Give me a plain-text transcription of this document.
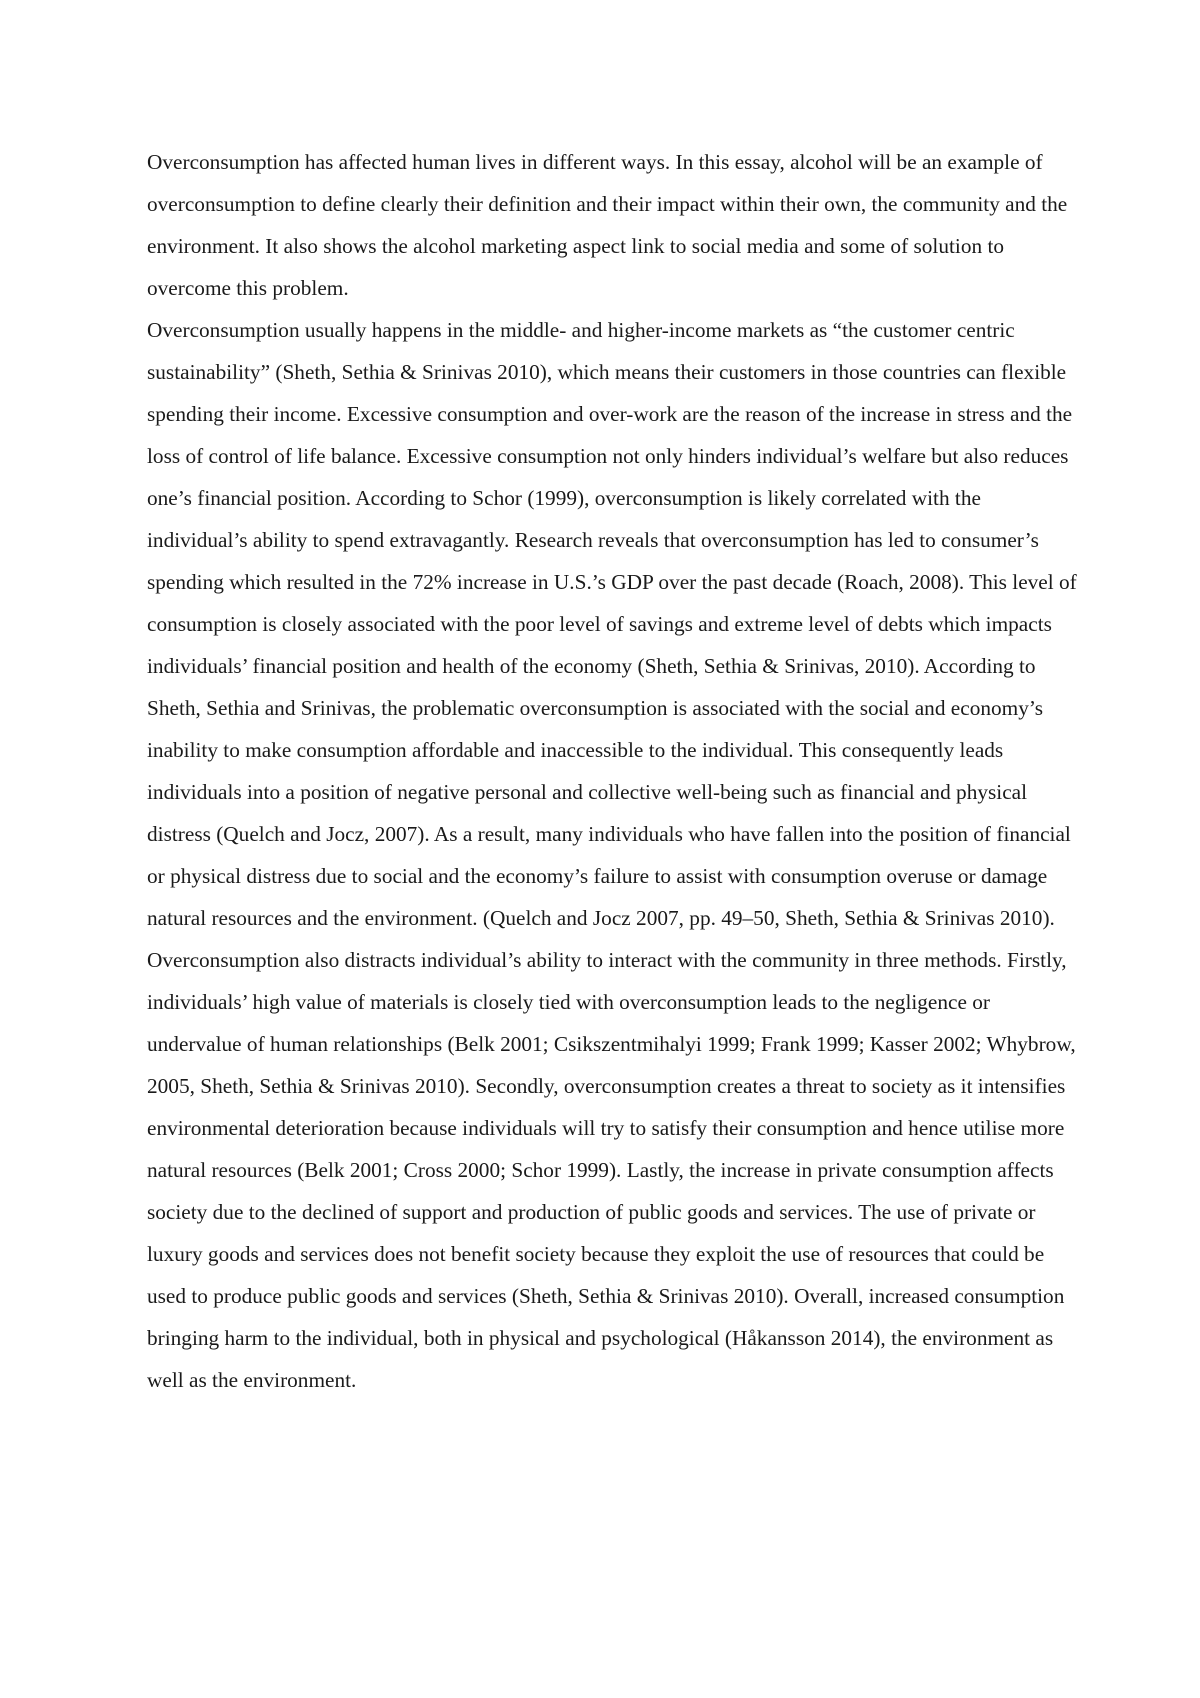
Overconsumption has affected human lives in different ways. In this essay, alcohol will be an example of overconsumption to define clearly their definition and their impact within their own, the community and the environment. It also shows the alcohol marketing aspect link to social media and some of solution to overcome this problem.

Overconsumption usually happens in the middle- and higher-income markets as “the customer centric sustainability” (Sheth, Sethia & Srinivas 2010), which means their customers in those countries can flexible spending their income. Excessive consumption and over-work are the reason of the increase in stress and the loss of control of life balance. Excessive consumption not only hinders individual’s welfare but also reduces one’s financial position. According to Schor (1999), overconsumption is likely correlated with the individual’s ability to spend extravagantly. Research reveals that overconsumption has led to consumer’s spending which resulted in the 72% increase in U.S.’s GDP over the past decade (Roach, 2008). This level of consumption is closely associated with the poor level of savings and extreme level of debts which impacts individuals’ financial position and health of the economy (Sheth, Sethia & Srinivas, 2010). According to Sheth, Sethia and Srinivas, the problematic overconsumption is associated with the social and economy’s inability to make consumption affordable and inaccessible to the individual. This consequently leads individuals into a position of negative personal and collective well-being such as financial and physical distress (Quelch and Jocz, 2007). As a result, many individuals who have fallen into the position of financial or physical distress due to social and the economy’s failure to assist with consumption overuse or damage natural resources and the environment. (Quelch and Jocz 2007, pp. 49–50, Sheth, Sethia & Srinivas 2010). Overconsumption also distracts individual’s ability to interact with the community in three methods. Firstly, individuals’ high value of materials is closely tied with overconsumption leads to the negligence or undervalue of human relationships (Belk 2001; Csikszentmihalyi 1999; Frank 1999; Kasser 2002; Whybrow, 2005, Sheth, Sethia & Srinivas 2010). Secondly, overconsumption creates a threat to society as it intensifies environmental deterioration because individuals will try to satisfy their consumption and hence utilise more natural resources (Belk 2001; Cross 2000; Schor 1999). Lastly, the increase in private consumption affects society due to the declined of support and production of public goods and services. The use of private or luxury goods and services does not benefit society because they exploit the use of resources that could be used to produce public goods and services (Sheth, Sethia & Srinivas 2010). Overall, increased consumption bringing harm to the individual, both in physical and psychological (Håkansson 2014), the environment as well as the environment.
